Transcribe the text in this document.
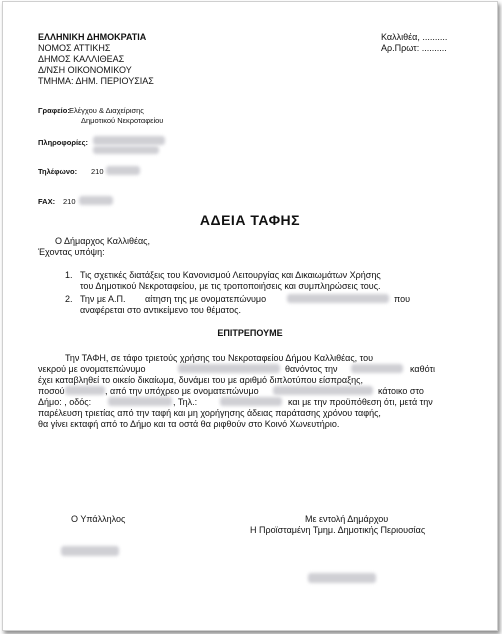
ΕΛΛΗΝΙΚΗ ΔΗΜΟΚΡΑΤΙΑ
ΝΟΜΟΣ ΑΤΤΙΚΗΣ
ΔΗΜΟΣ ΚΑΛΛΙΘΕΑΣ
Δ/ΝΣΗ ΟΙΚΟΝΟΜΙΚΟΥ
ΤΜΗΜΑ: ΔΗΜ. ΠΕΡΙΟΥΣΙΑΣ
Καλλιθέα, ..........
Αρ.Πρωτ: ..........
Γραφείο: Ελέγχου & Διαχείρισης
Δημοτικού Νεκροταφείου
Πληροφορίες:
Τηλέφωνο: 210
FAX: 210
ΑΔΕΙΑ ΤΑΦΗΣ
Ο Δήμαρχος Καλλιθέας,
Έχοντας υπόψη:
1. Τις σχετικές διατάξεις του Κανονισμού Λειτουργίας και Δικαιωμάτων Χρήσης
του Δημοτικού Νεκροταφείου, με τις τροποποιήσεις και συμπληρώσεις τους.
2. Την με Α.Π. αίτηση της με ονοματεπώνυμο	που
αναφέρεται στο αντικείμενο του θέματος.
ΕΠΙΤΡΕΠΟΥΜΕ
Την ΤΑΦΗ, σε τάφο τριετούς χρήσης του Νεκροταφείου Δήμου Καλλιθέας, του
νεκρού με ονοματεπώνυμο	θανόντος την	καθότι
έχει καταβληθεί το οικείο δικαίωμα, δυνάμει του με αριθμό διπλοτύπου είσπραξης,
ποσού	, από την υπόχρεο με ονοματεπώνυμο	κάτοικο στο
Δήμο: , οδός:	, Τηλ.:	και με την προϋπόθεση ότι, μετά την
παρέλευση τριετίας από την ταφή και μη χορήγησης άδειας παράτασης χρόνου ταφής,
θα γίνει εκταφή από το Δήμο και τα οστά θα ριφθούν στο Κοινό Χωνευτήριο.
Ο Υπάλληλος	Με εντολή Δημάρχου
Η Προϊσταμένη Τμημ. Δημοτικής Περιουσίας
